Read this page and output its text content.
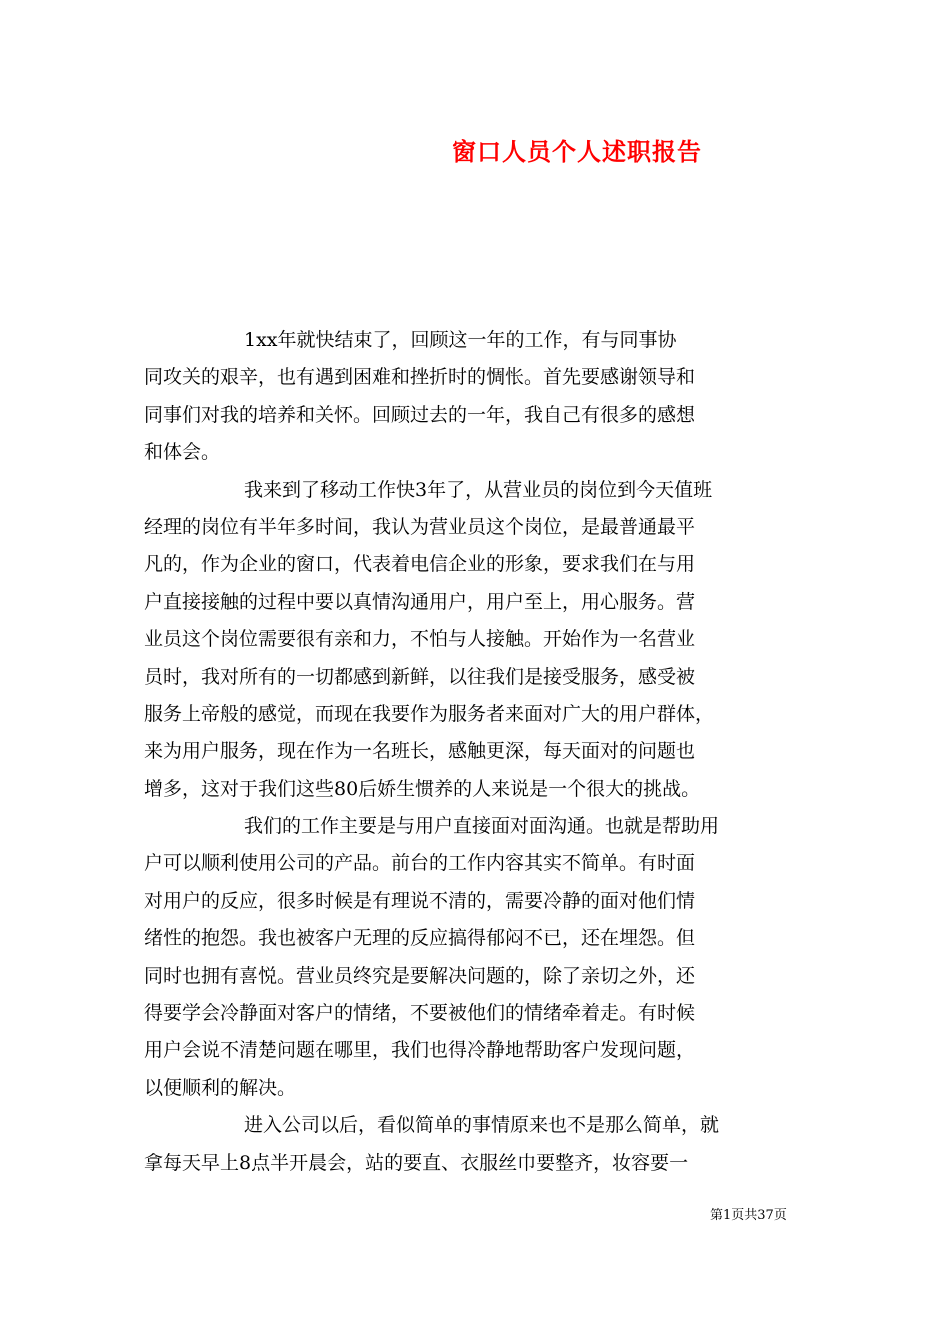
窗口人员个人述职报告
1xx年就快结束了，回顾这一年的工作，有与同事协
同攻关的艰辛，也有遇到困难和挫折时的惆怅。首先要感谢领导和
同事们对我的培养和关怀。回顾过去的一年，我自己有很多的感想
和体会。
我来到了移动工作快3年了，从营业员的岗位到今天值班
经理的岗位有半年多时间，我认为营业员这个岗位，是最普通最平
凡的，作为企业的窗口，代表着电信企业的形象，要求我们在与用
户直接接触的过程中要以真情沟通用户，用户至上，用心服务。营
业员这个岗位需要很有亲和力，不怕与人接触。开始作为一名营业
员时，我对所有的一切都感到新鲜，以往我们是接受服务，感受被
服务上帝般的感觉，而现在我要作为服务者来面对广大的用户群体，
来为用户服务，现在作为一名班长，感触更深，每天面对的问题也
增多，这对于我们这些80后娇生惯养的人来说是一个很大的挑战。
我们的工作主要是与用户直接面对面沟通。也就是帮助用
户可以顺利使用公司的产品。前台的工作内容其实不简单。有时面
对用户的反应，很多时候是有理说不清的，需要冷静的面对他们情
绪性的抱怨。我也被客户无理的反应搞得郁闷不已，还在埋怨。但
同时也拥有喜悦。营业员终究是要解决问题的，除了亲切之外，还
得要学会冷静面对客户的情绪，不要被他们的情绪牵着走。有时候
用户会说不清楚问题在哪里，我们也得冷静地帮助客户发现问题，
以便顺利的解决。
进入公司以后，看似简单的事情原来也不是那么简单，就
拿每天早上8点半开晨会，站的要直、衣服丝巾要整齐，妆容要一
第1页共37页
